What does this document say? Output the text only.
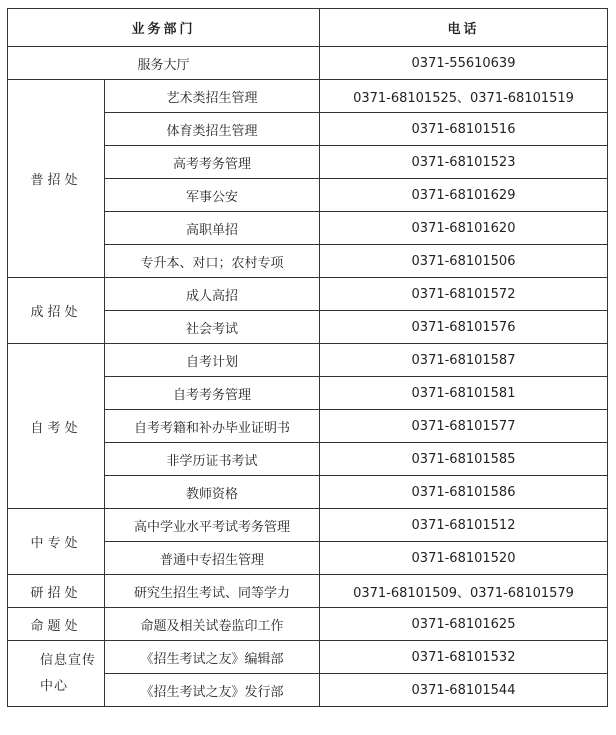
业务部门		电话
服务大厅		0371-55610639
普招处	艺术类招生管理	0371-68101525、0371-68101519
	体育类招生管理	0371-68101516
	高考考务管理	0371-68101523
	军事公安	0371-68101629
	高职单招	0371-68101620
	专升本、对口；农村专项	0371-68101506
成招处	成人高招	0371-68101572
	社会考试	0371-68101576
自考处	自考计划	0371-68101587
	自考考务管理	0371-68101581
	自考考籍和补办毕业证明书	0371-68101577
	非学历证书考试	0371-68101585
	教师资格	0371-68101586
中专处	高中学业水平考试考务管理	0371-68101512
	普通中专招生管理	0371-68101520
研招处	研究生招生考试、同等学力	0371-68101509、0371-68101579
命题处	命题及相关试卷监印工作	0371-68101625
信息宣传中心	《招生考试之友》编辑部	0371-68101532
	《招生考试之友》发行部	0371-68101544
